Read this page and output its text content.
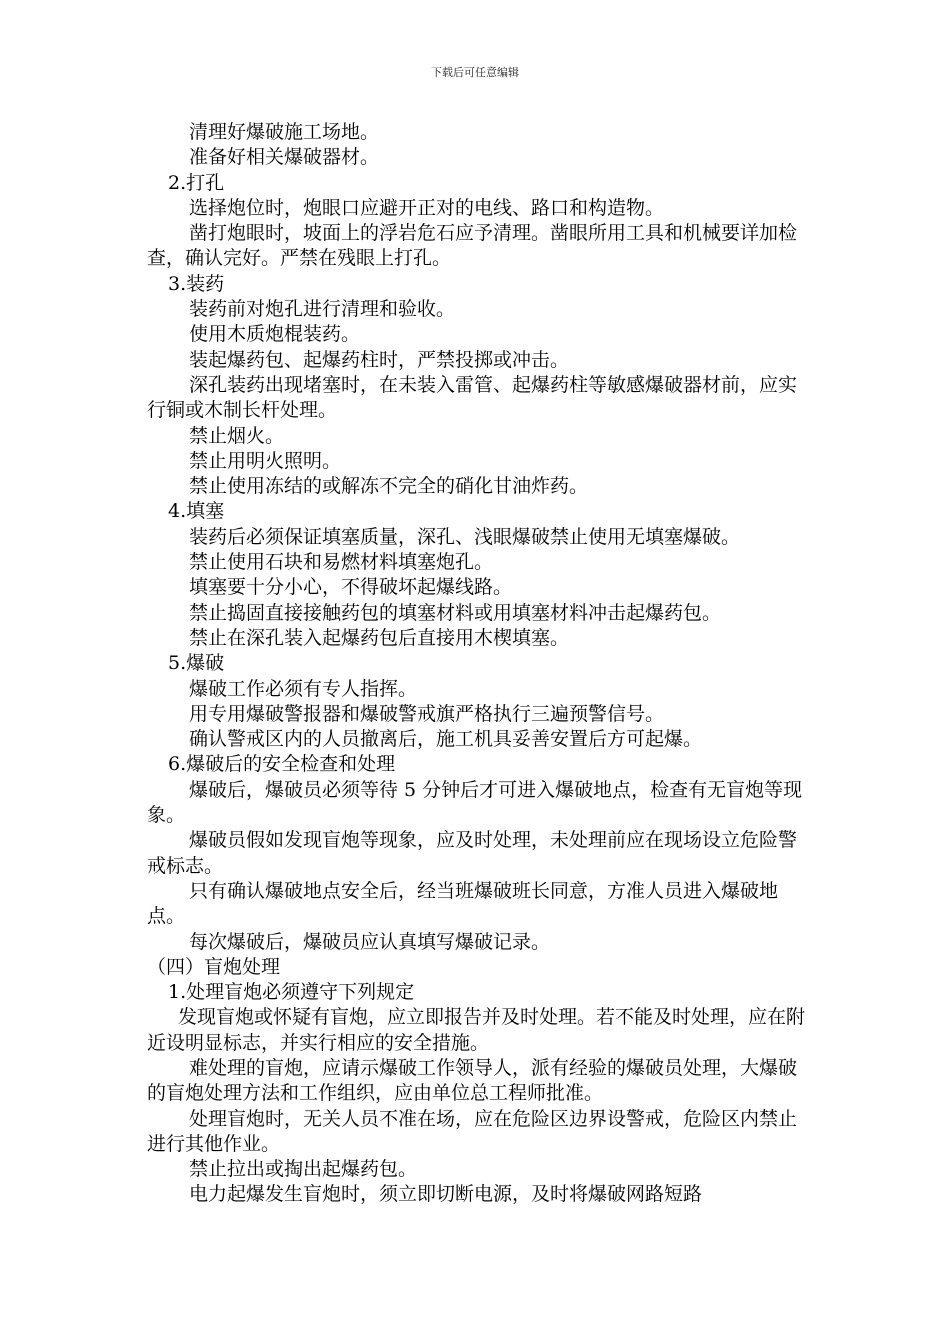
下载后可任意编辑

清理好爆破施工场地。

准备好相关爆破器材。

2.打孔

选择炮位时，炮眼口应避开正对的电线、路口和构造物。

凿打炮眼时，坡面上的浮岩危石应予清理。凿眼所用工具和机械要详加检查，确认完好。严禁在残眼上打孔。

3.装药

装药前对炮孔进行清理和验收。

使用木质炮棍装药。

装起爆药包、起爆药柱时，严禁投掷或冲击。

深孔装药出现堵塞时，在未装入雷管、起爆药柱等敏感爆破器材前，应实行铜或木制长杆处理。

禁止烟火。

禁止用明火照明。

禁止使用冻结的或解冻不完全的硝化甘油炸药。

4.填塞

装药后必须保证填塞质量，深孔、浅眼爆破禁止使用无填塞爆破。

禁止使用石块和易燃材料填塞炮孔。

填塞要十分小心，不得破坏起爆线路。

禁止捣固直接接触药包的填塞材料或用填塞材料冲击起爆药包。

禁止在深孔装入起爆药包后直接用木楔填塞。

5.爆破

爆破工作必须有专人指挥。

用专用爆破警报器和爆破警戒旗严格执行三遍预警信号。

确认警戒区内的人员撤离后，施工机具妥善安置后方可起爆。

6.爆破后的安全检查和处理

爆破后，爆破员必须等待 5 分钟后才可进入爆破地点，检查有无盲炮等现象。

爆破员假如发现盲炮等现象，应及时处理，未处理前应在现场设立危险警戒标志。

只有确认爆破地点安全后，经当班爆破班长同意，方准人员进入爆破地点。

每次爆破后，爆破员应认真填写爆破记录。

（四）盲炮处理

1.处理盲炮必须遵守下列规定

发现盲炮或怀疑有盲炮，应立即报告并及时处理。若不能及时处理，应在附近设明显标志，并实行相应的安全措施。

难处理的盲炮，应请示爆破工作领导人，派有经验的爆破员处理，大爆破的盲炮处理方法和工作组织，应由单位总工程师批准。

处理盲炮时，无关人员不准在场，应在危险区边界设警戒，危险区内禁止进行其他作业。

禁止拉出或掏出起爆药包。

电力起爆发生盲炮时，须立即切断电源，及时将爆破网路短路
